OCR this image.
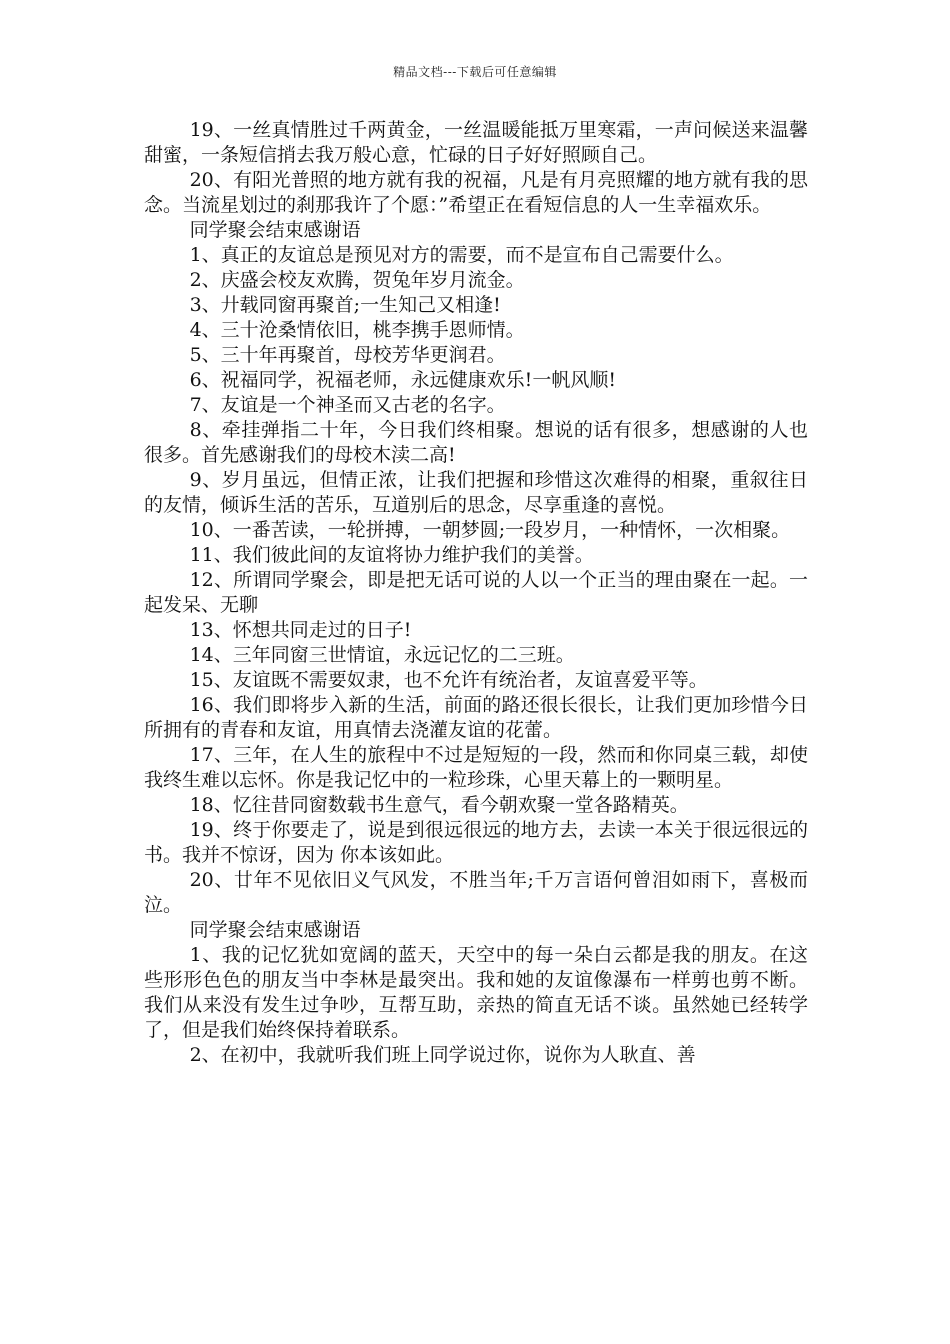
精品文档---下载后可任意编辑

19、一丝真情胜过千两黄金，一丝温暖能抵万里寒霜，一声问候送来温馨甜蜜，一条短信捎去我万般心意，忙碌的日子好好照顾自己。

20、有阳光普照的地方就有我的祝福，凡是有月亮照耀的地方就有我的思念。当流星划过的刹那我许了个愿：”希望正在看短信息的人一生幸福欢乐。

同学聚会结束感谢语

1、真正的友谊总是预见对方的需要，而不是宣布自己需要什么。

2、庆盛会校友欢腾，贺兔年岁月流金。

3、廾载同窗再聚首;一生知己又相逢!

4、三十沧桑情依旧，桃李携手恩师情。

5、三十年再聚首，母校芳华更润君。

6、祝福同学，祝福老师，永远健康欢乐!一帆风顺!

7、友谊是一个神圣而又古老的名字。

8、牵挂弹指二十年，今日我们终相聚。想说的话有很多，想感谢的人也很多。首先感谢我们的母校木渎二高!

9、岁月虽远，但情正浓，让我们把握和珍惜这次难得的相聚，重叙往日的友情，倾诉生活的苦乐，互道别后的思念，尽享重逢的喜悦。

10、一番苦读，一轮拼搏，一朝梦圆;一段岁月，一种情怀，一次相聚。

11、我们彼此间的友谊将协力维护我们的美誉。

12、所谓同学聚会，即是把无话可说的人以一个正当的理由聚在一起。一起发呆、无聊

13、怀想共同走过的日子!

14、三年同窗三世情谊，永远记忆的二三班。

15、友谊既不需要奴隶，也不允许有统治者，友谊喜爱平等。

16、我们即将步入新的生活，前面的路还很长很长，让我们更加珍惜今日所拥有的青春和友谊，用真情去浇灌友谊的花蕾。

17、三年，在人生的旅程中不过是短短的一段，然而和你同桌三载，却使我终生难以忘怀。你是我记忆中的一粒珍珠，心里天幕上的一颗明星。

18、忆往昔同窗数载书生意气，看今朝欢聚一堂各路精英。

19、终于你要走了，说是到很远很远的地方去，去读一本关于很远很远的书。我并不惊讶，因为 你本该如此。

20、廿年不见依旧义气风发，不胜当年;千万言语何曾泪如雨下，喜极而泣。

同学聚会结束感谢语

1、我的记忆犹如宽阔的蓝天，天空中的每一朵白云都是我的朋友。在这些形形色色的朋友当中李林是最突出。我和她的友谊像瀑布一样剪也剪不断。我们从来没有发生过争吵，互帮互助，亲热的简直无话不谈。虽然她已经转学了，但是我们始终保持着联系。

2、在初中，我就听我们班上同学说过你，说你为人耿直、善
